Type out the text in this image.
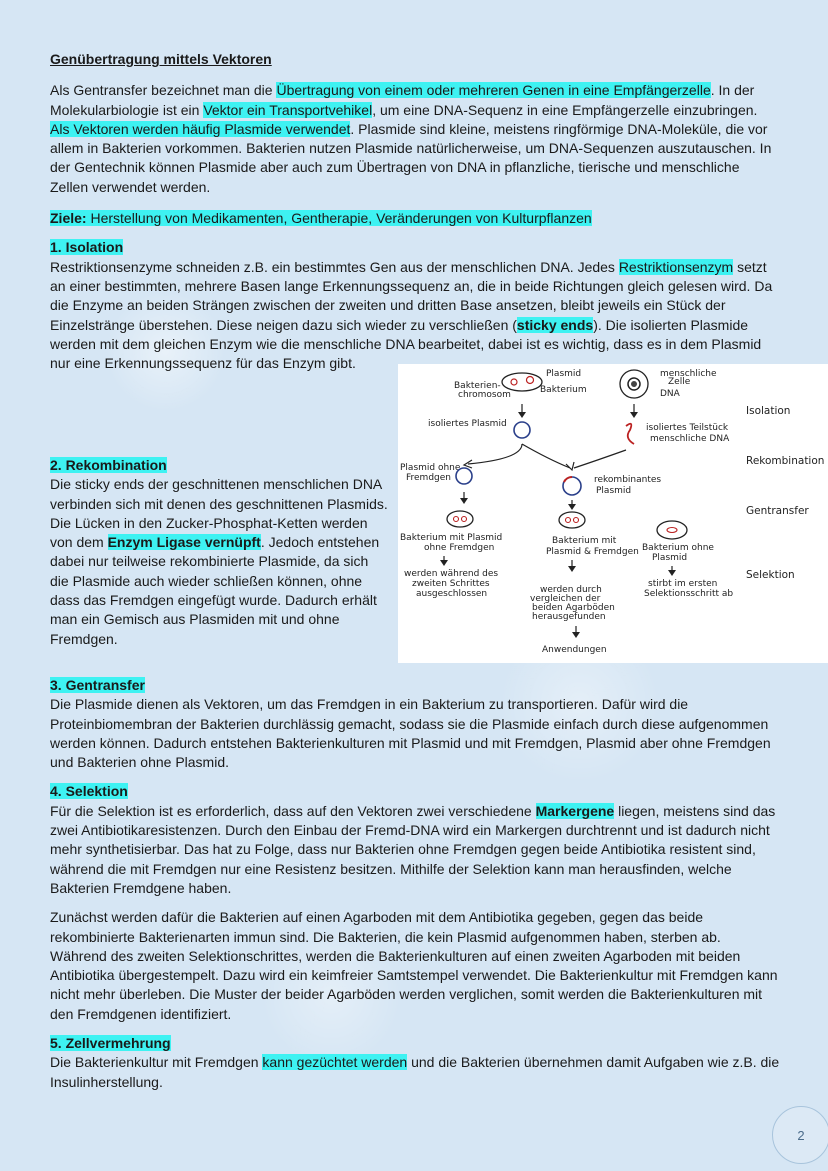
Genübertragung mittels Vektoren

Als Gentransfer bezeichnet man die Übertragung von einem oder mehreren Genen in eine Empfängerzelle. In der Molekularbiologie ist ein Vektor ein Transportvehikel, um eine DNA-Sequenz in eine Empfängerzelle einzubringen.
Als Vektoren werden häufig Plasmide verwendet. Plasmide sind kleine, meistens ringförmige DNA-Moleküle, die vor allem in Bakterien vorkommen. Bakterien nutzen Plasmide natürlicherweise, um DNA-Sequenzen auszutauschen. In der Gentechnik können Plasmide aber auch zum Übertragen von DNA in pflanzliche, tierische und menschliche Zellen verwendet werden.

Ziele: Herstellung von Medikamenten, Gentherapie, Veränderungen von Kulturpflanzen

1. Isolation

Restriktionsenzyme schneiden z.B. ein bestimmtes Gen aus der menschlichen DNA. Jedes Restriktionsenzym setzt an einer bestimmten, mehrere Basen lange Erkennungssequenz an, die in beide Richtungen gleich gelesen wird. Da die Enzyme an beiden Strängen zwischen der zweiten und dritten Base ansetzen, bleibt jeweils ein Stück der Einzelstränge überstehen. Diese neigen dazu sich wieder zu verschließen (sticky ends). Die isolierten Plasmide werden mit dem gleichen Enzym wie die menschliche DNA bearbeitet, dabei ist es wichtig, dass es in dem Plasmid nur eine Erkennungssequenz für das Enzym gibt.

Bakterien-
chromosom
Plasmid
Bakterium
menschliche
Zelle
DNA
isoliertes Plasmid	isoliertes Teilstück
menschliche DNA
Plasmid ohne
Fremdgen	rekombinantes
Plasmid
Bakterium mit Plasmid
ohne Fremdgen
Bakterium mit
Plasmid & Fremdgen Bakterium ohne
Plasmid
werden während des
zweiten Schrittes
ausgeschlossen	werden durch
vergleichen der
beiden Agarböden
herausgefunden
stirbt im ersten
Selektionsschritt ab
Anwendungen
Isolation
Rekombination
Gentransfer
Selektion
2. Rekombination

Die sticky ends der geschnittenen menschlichen DNA verbinden sich mit denen des geschnittenen Plasmids. Die Lücken in den Zucker-Phosphat-Ketten werden von dem Enzym Ligase vernüpft. Jedoch entstehen dabei nur teilweise rekombinierte Plasmide, da sich die Plasmide auch wieder schließen können, ohne dass das Fremdgen eingefügt wurde. Dadurch erhält man ein Gemisch aus Plasmiden mit und ohne Fremdgen.

3. Gentransfer

Die Plasmide dienen als Vektoren, um das Fremdgen in ein Bakterium zu transportieren. Dafür wird die Proteinbiomembran der Bakterien durchlässig gemacht, sodass sie die Plasmide einfach durch diese aufgenommen werden können. Dadurch entstehen Bakterienkulturen mit Plasmid und mit Fremdgen, Plasmid aber ohne Fremdgen und Bakterien ohne Plasmid.

4. Selektion

Für die Selektion ist es erforderlich, dass auf den Vektoren zwei verschiedene Markergene liegen, meistens sind das zwei Antibiotikaresistenzen. Durch den Einbau der Fremd-DNA wird ein Markergen durchtrennt und ist dadurch nicht mehr synthetisierbar. Das hat zu Folge, dass nur Bakterien ohne Fremdgen gegen beide Antibiotika resistent sind, während die mit Fremdgen nur eine Resistenz besitzen. Mithilfe der Selektion kann man herausfinden, welche Bakterien Fremdgene haben.

Zunächst werden dafür die Bakterien auf einen Agarboden mit dem Antibiotika gegeben, gegen das beide rekombinierte Bakterienarten immun sind. Die Bakterien, die kein Plasmid aufgenommen haben, sterben ab. Während des zweiten Selektionschrittes, werden die Bakterienkulturen auf einen zweiten Agarboden mit beiden Antibiotika übergestempelt. Dazu wird ein keimfreier Samtstempel verwendet. Die Bakterienkultur mit Fremdgen kann nicht mehr überleben. Die Muster der beider Agarböden werden verglichen, somit werden die Bakterienkulturen mit den Fremdgenen identifiziert.

5. Zellvermehrung

Die Bakterienkultur mit Fremdgen kann gezüchtet werden und die Bakterien übernehmen damit Aufgaben wie z.B. die Insulinherstellung.

2
